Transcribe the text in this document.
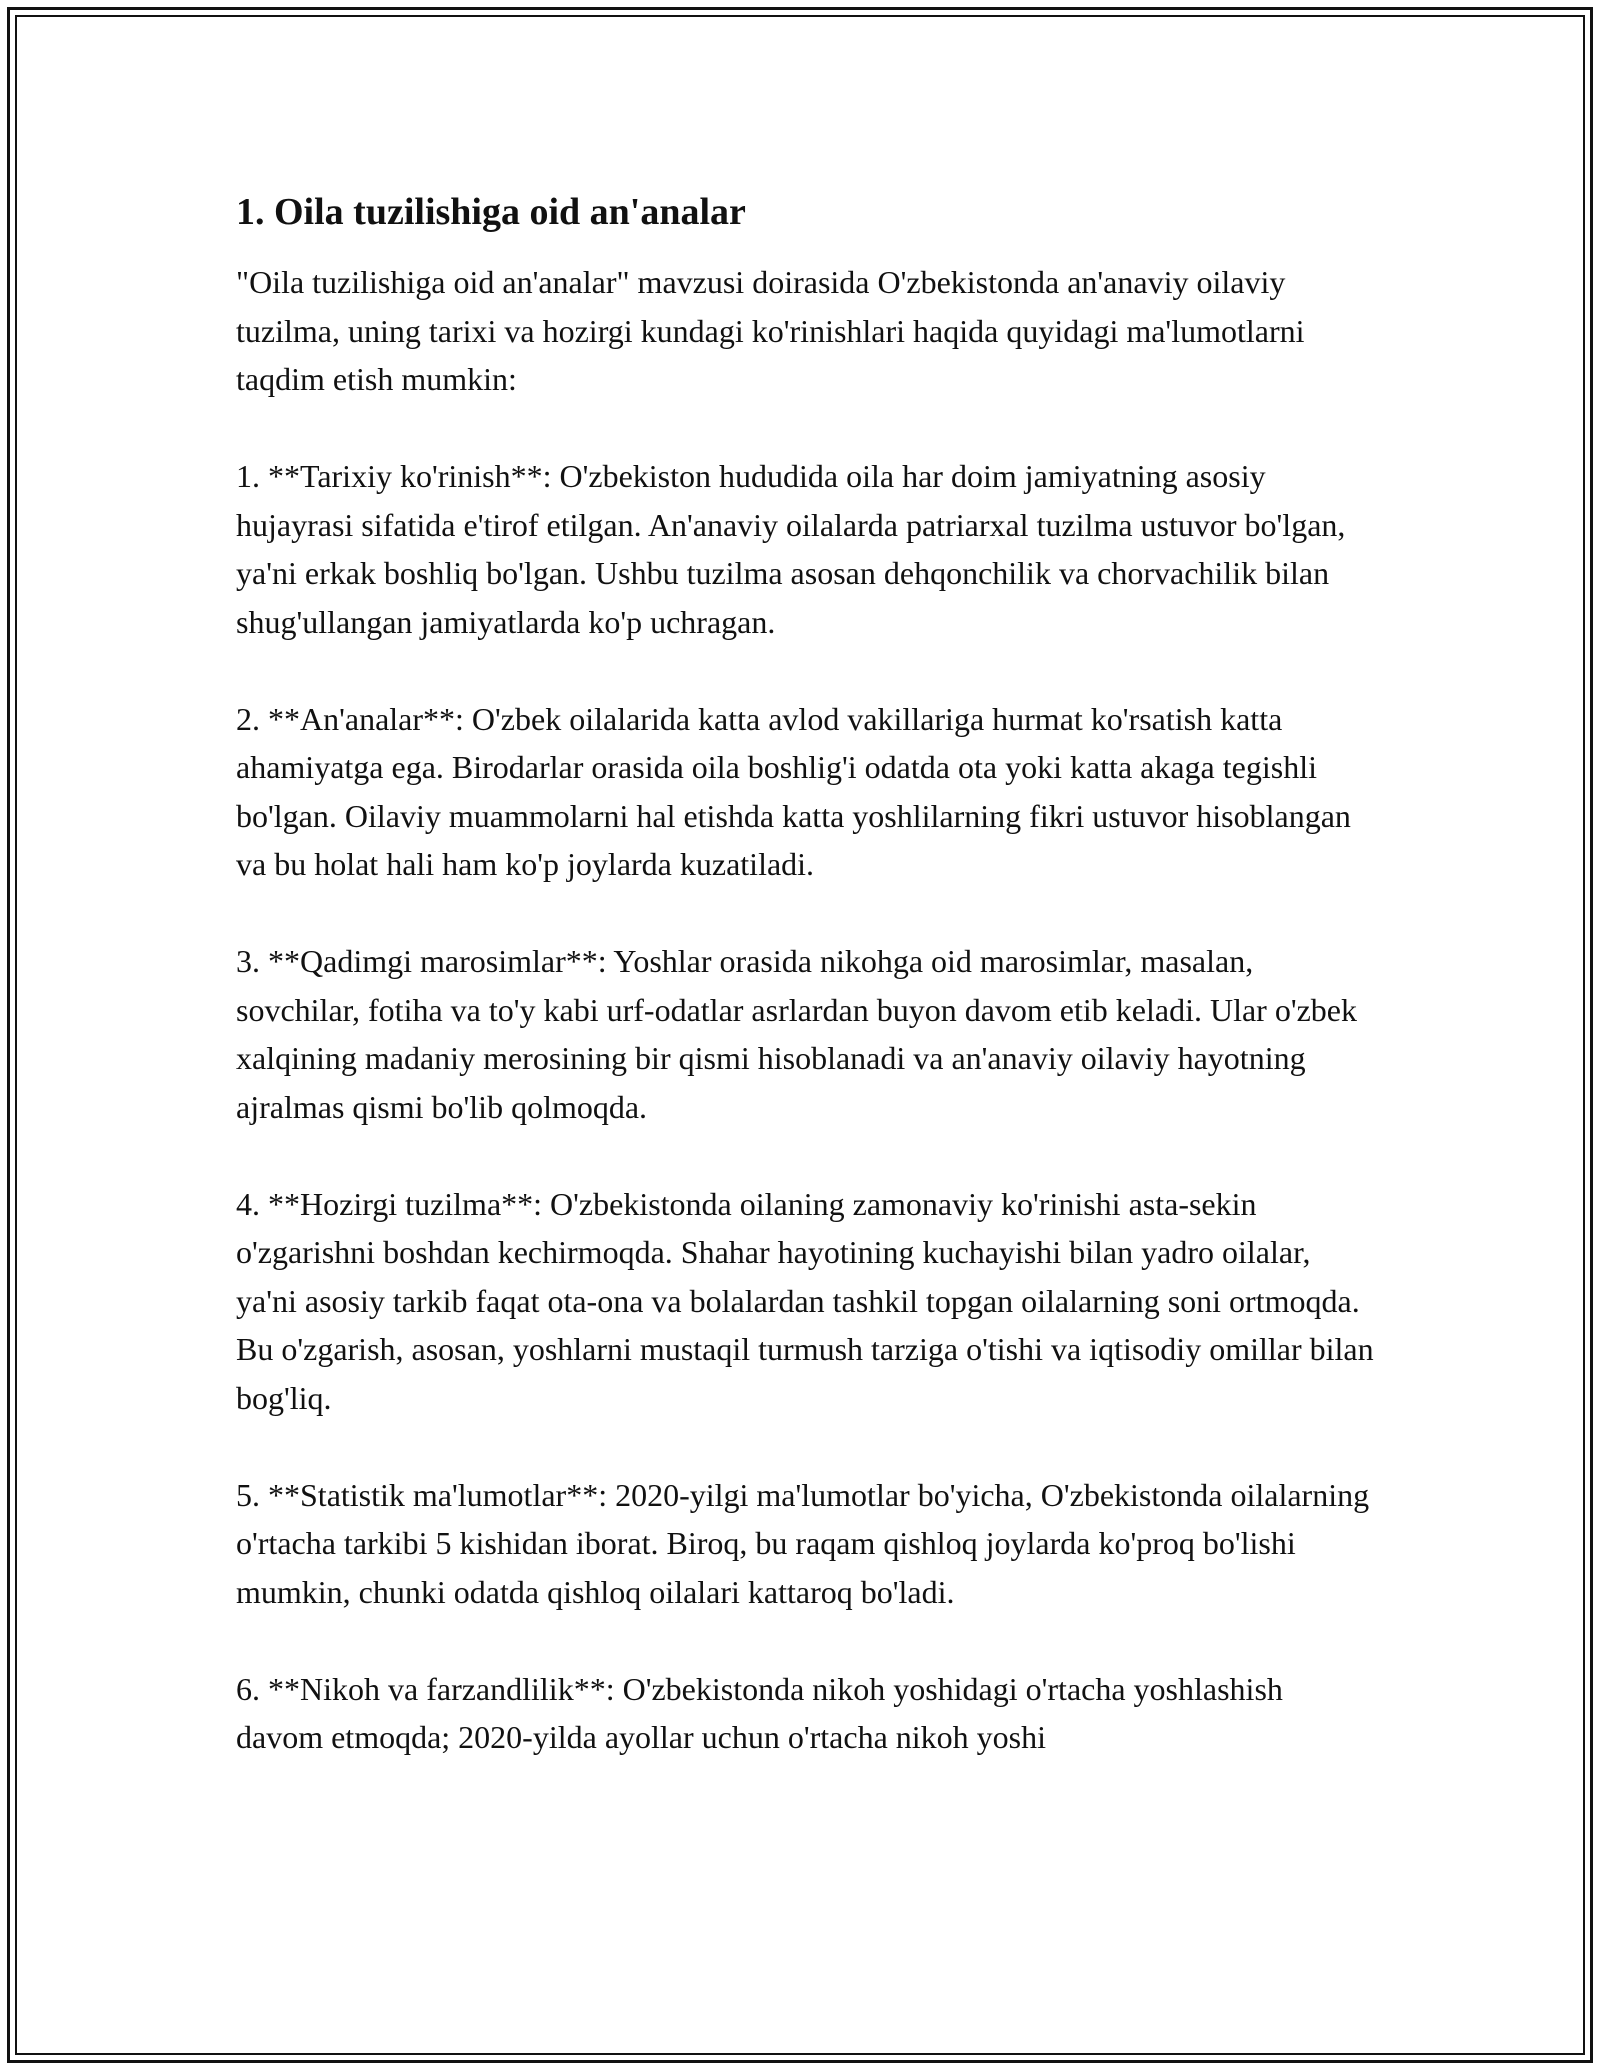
1. Oila tuzilishiga oid an'analar

"Oila tuzilishiga oid an'analar" mavzusi doirasida O'zbekistonda an'anaviy oilaviy tuzilma, uning tarixi va hozirgi kundagi ko'rinishlari haqida quyidagi ma'lumotlarni taqdim etish mumkin:

1. **Tarixiy ko'rinish**: O'zbekiston hududida oila har doim jamiyatning asosiy hujayrasi sifatida e'tirof etilgan. An'anaviy oilalarda patriarxal tuzilma ustuvor bo'lgan, ya'ni erkak boshliq bo'lgan. Ushbu tuzilma asosan dehqonchilik va chorvachilik bilan shug'ullangan jamiyatlarda ko'p uchragan.

2. **An'analar**: O'zbek oilalarida katta avlod vakillariga hurmat ko'rsatish katta ahamiyatga ega. Birodarlar orasida oila boshlig'i odatda ota yoki katta akaga tegishli bo'lgan. Oilaviy muammolarni hal etishda katta yoshlilarning fikri ustuvor hisoblangan va bu holat hali ham ko'p joylarda kuzatiladi.

3. **Qadimgi marosimlar**: Yoshlar orasida nikohga oid marosimlar, masalan, sovchilar, fotiha va to'y kabi urf-odatlar asrlardan buyon davom etib keladi. Ular o'zbek xalqining madaniy merosining bir qismi hisoblanadi va an'anaviy oilaviy hayotning ajralmas qismi bo'lib qolmoqda.

4. **Hozirgi tuzilma**: O'zbekistonda oilaning zamonaviy ko'rinishi asta-sekin o'zgarishni boshdan kechirmoqda. Shahar hayotining kuchayishi bilan yadro oilalar, ya'ni asosiy tarkib faqat ota-ona va bolalardan tashkil topgan oilalarning soni ortmoqda. Bu o'zgarish, asosan, yoshlarni mustaqil turmush tarziga o'tishi va iqtisodiy omillar bilan bog'liq.

5. **Statistik ma'lumotlar**: 2020-yilgi ma'lumotlar bo'yicha, O'zbekistonda oilalarning o'rtacha tarkibi 5 kishidan iborat. Biroq, bu raqam qishloq joylarda ko'proq bo'lishi mumkin, chunki odatda qishloq oilalari kattaroq bo'ladi.

6. **Nikoh va farzandlilik**: O'zbekistonda nikoh yoshidagi o'rtacha yoshlashish davom etmoqda; 2020-yilda ayollar uchun o'rtacha nikoh yoshi
